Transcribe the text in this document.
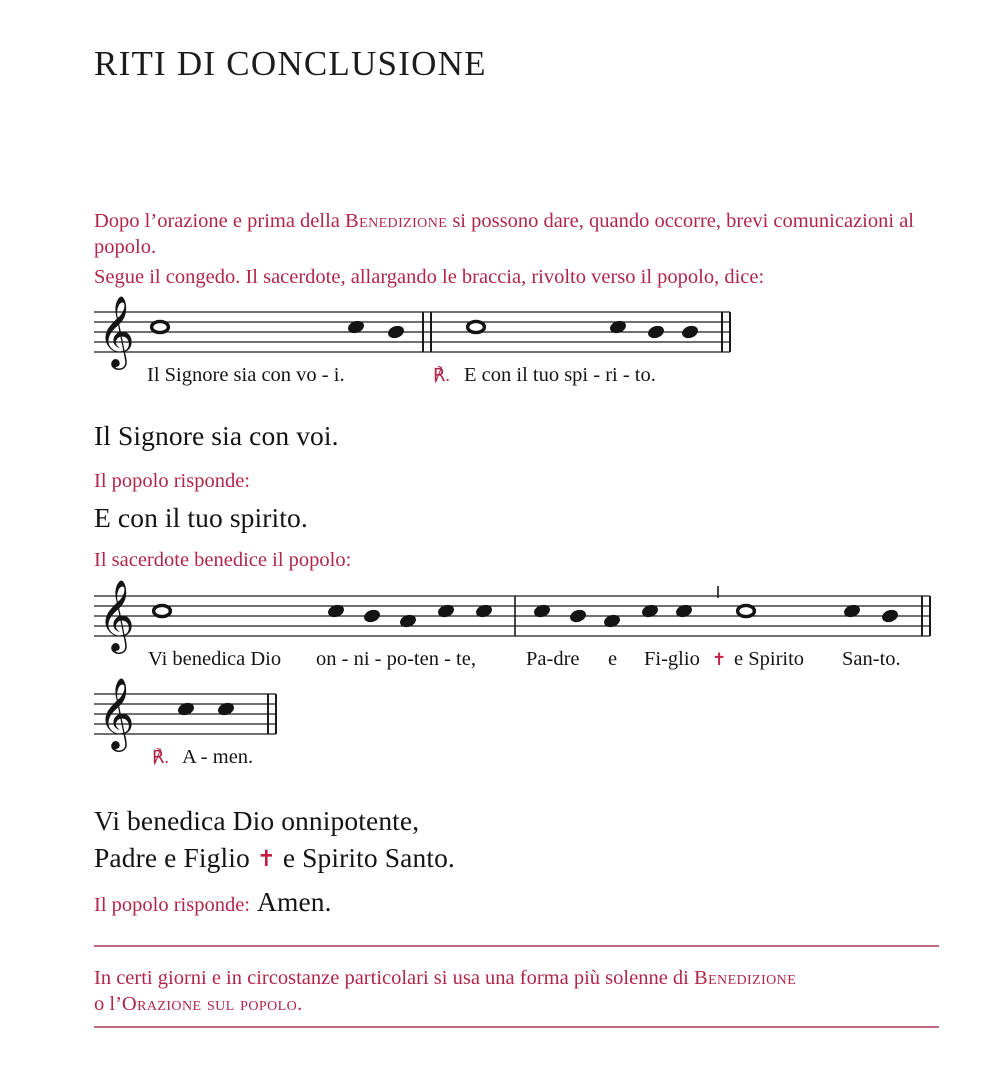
RITI DI CONCLUSIONE
Dopo l’orazione e prima della Benedizione si possono dare, quando occorre, brevi comunicazioni al popolo.
Segue il congedo. Il sacerdote, allargando le braccia, rivolto verso il popolo, dice:
𝄞
Il Signore sia con vo - i.	℟. E con il tuo spi - ri - to.
Il Signore sia con voi.
Il popolo risponde:
E con il tuo spirito.
Il sacerdote benedice il popolo:
𝄞
Vi benedica Dio on - ni - po-ten - te, Pa-dre e Fi-glio ✝ e Spirito San-to.
𝄞
℟. A - men.
Vi benedica Dio onnipotente,
Padre e Figlio ✝ e Spirito Santo.
Il popolo risponde: Amen.
In certi giorni e in circostanze particolari si usa una forma più solenne di Benedizione
o l’Orazione sul popolo.
